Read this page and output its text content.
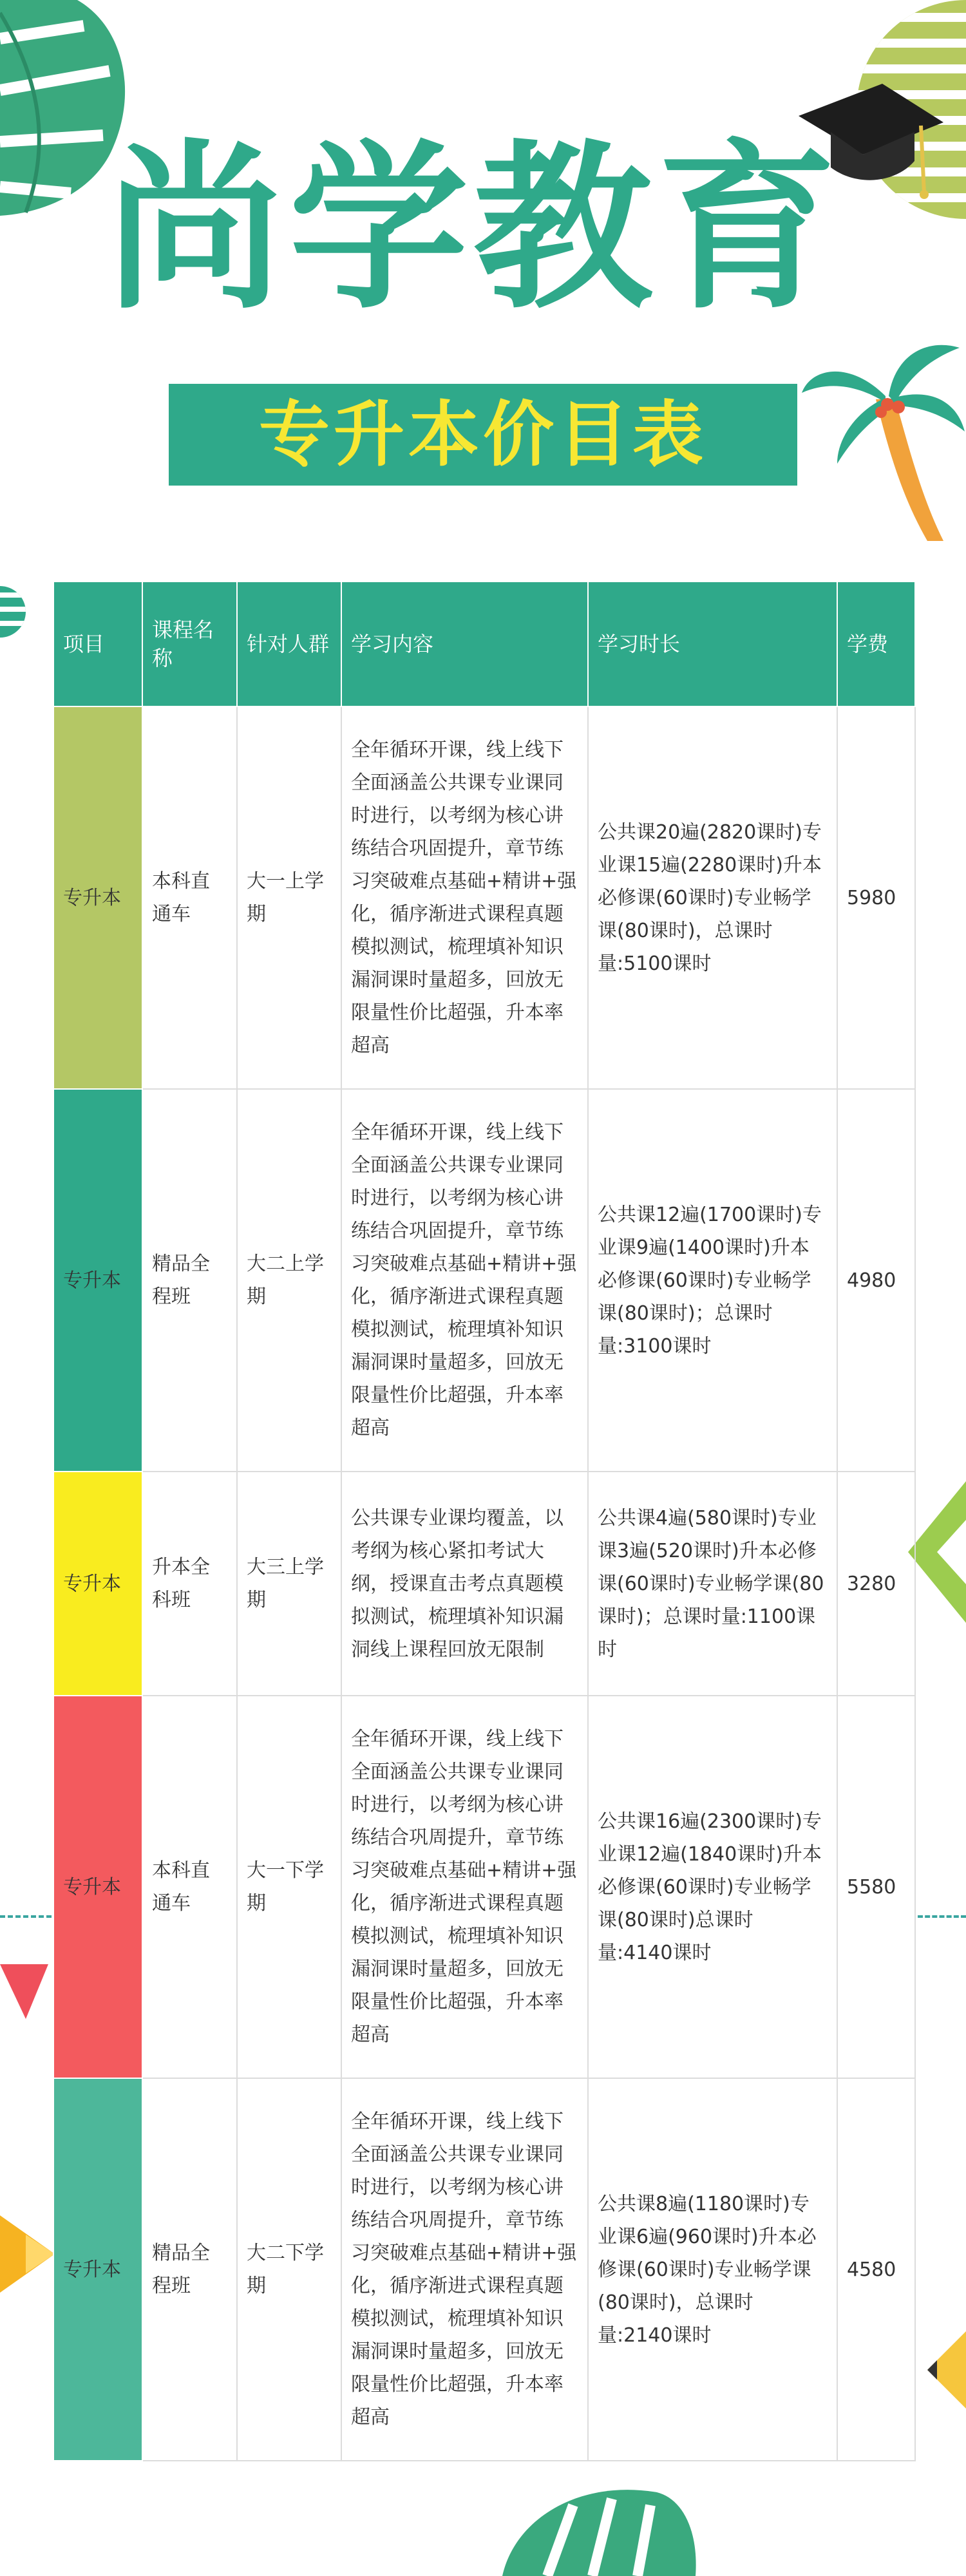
尚学教育
专升本价目表
项目	课程名称	针对人群	学习内容	学习时长	学费
专升本	本科直通车	大一上学期	全年循环开课，线上线下全面涵盖公共课专业课同时进行，以考纲为核心讲练结合巩固提升，章节练习突破难点基础+精讲+强化，循序渐进式课程真题模拟测试，梳理填补知识漏洞课时量超多，回放无限量性价比超强，升本率超高	公共课20遍(2820课时)专业课15遍(2280课时)升本必修课(60课时)专业畅学课(80课时)，总课时量:5100课时	5980
专升本	精品全程班	大二上学期	全年循环开课，线上线下全面涵盖公共课专业课同时进行，以考纲为核心讲练结合巩固提升，章节练习突破难点基础+精讲+强化，循序渐进式课程真题模拟测试，梳理填补知识漏洞课时量超多，回放无限量性价比超强，升本率超高	公共课12遍(1700课时)专业课9遍(1400课时)升本必修课(60课时)专业畅学课(80课时)；总课时量:3100课时	4980
专升本	升本全科班	大三上学期	公共课专业课均覆盖，以考纲为核心紧扣考试大纲，授课直击考点真题模拟测试，梳理填补知识漏洞线上课程回放无限制	公共课4遍(580课时)专业课3遍(520课时)升本必修课(60课时)专业畅学课(80课时)；总课时量:1100课时	3280
专升本	本科直通车	大一下学期	全年循环开课，线上线下全面涵盖公共课专业课同时进行，以考纲为核心讲练结合巩周提升，章节练习突破难点基础+精讲+强化，循序渐进式课程真题模拟测试，梳理填补知识漏洞课时量超多，回放无限量性价比超强，升本率超高	公共课16遍(2300课时)专业课12遍(1840课时)升本必修课(60课时)专业畅学课(80课时)总课时量:4140课时	5580
专升本	精品全程班	大二下学期	全年循环开课，线上线下全面涵盖公共课专业课同时进行，以考纲为核心讲练结合巩周提升，章节练习突破难点基础+精讲+强化，循序渐进式课程真题模拟测试，梳理填补知识漏洞课时量超多，回放无限量性价比超强，升本率超高	公共课8遍(1180课时)专业课6遍(960课时)升本必修课(60课时)专业畅学课(80课时)，总课时量:2140课时	4580
